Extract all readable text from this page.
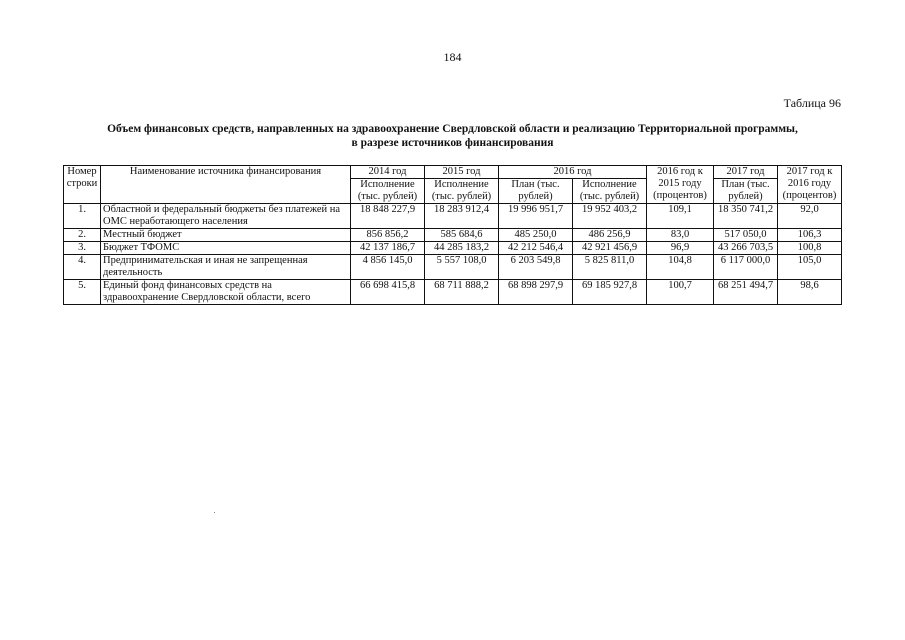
184
Таблица 96
Объем финансовых средств, направленных на здравоохранение Свердловской области и реализацию Территориальной программы,
в разрезе источников финансирования
Номер строки	Наименование источника финансирования	2014 год	2015 год	2016 год		2016 год к 2015 году (процентов)	2017 год	2017 год к 2016 году (процентов)
		Исполнение (тыс. рублей)	Исполнение (тыс. рублей)	План (тыс. рублей)	Исполнение (тыс. рублей)		План (тыс. рублей)	
1.	Областной и федеральный бюджеты без платежей на ОМС неработающего населения	18 848 227,9	18 283 912,4	19 996 951,7	19 952 403,2	109,1	18 350 741,2	92,0
2.	Местный бюджет	856 856,2	585 684,6	485 250,0	486 256,9	83,0	517 050,0	106,3
3.	Бюджет ТФОМС	42 137 186,7	44 285 183,2	42 212 546,4	42 921 456,9	96,9	43 266 703,5	100,8
4.	Предпринимательская и иная не запрещенная деятельность	4 856 145,0	5 557 108,0	6 203 549,8	5 825 811,0	104,8	6 117 000,0	105,0
5.	Единый фонд финансовых средств на здравоохранение Свердловской области, всего	66 698 415,8	68 711 888,2	68 898 297,9	69 185 927,8	100,7	68 251 494,7	98,6
